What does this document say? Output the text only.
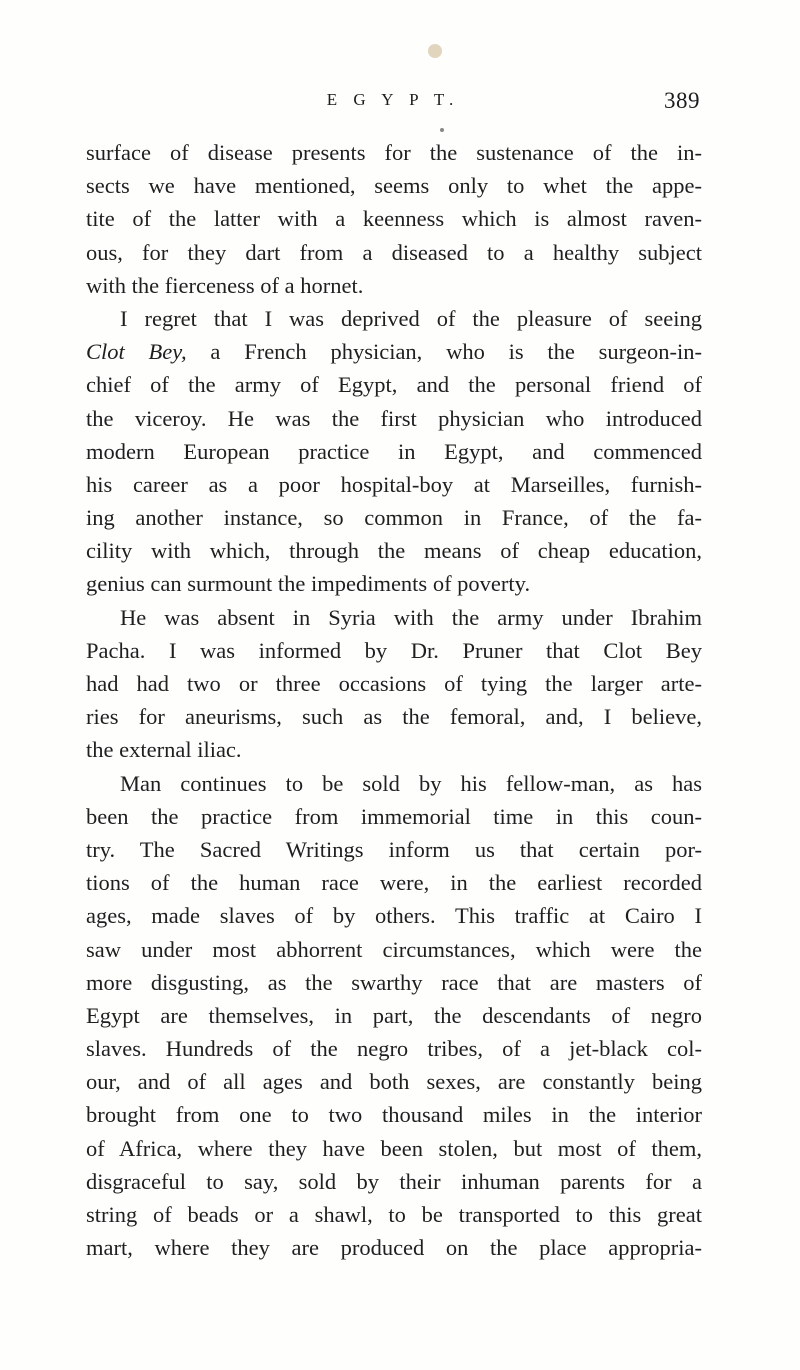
E G Y P T.	389
surface of disease presents for the sustenance of the in-
sects we have mentioned, seems only to whet the appe-
tite of the latter with a keenness which is almost raven-
ous, for they dart from a diseased to a healthy subject
with the fierceness of a hornet.
I regret that I was deprived of the pleasure of seeing
Clot Bey, a French physician, who is the surgeon-in-
chief of the army of Egypt, and the personal friend of
the viceroy. He was the first physician who introduced
modern European practice in Egypt, and commenced
his career as a poor hospital-boy at Marseilles, furnish-
ing another instance, so common in France, of the fa-
cility with which, through the means of cheap education,
genius can surmount the impediments of poverty.
He was absent in Syria with the army under Ibrahim
Pacha. I was informed by Dr. Pruner that Clot Bey
had had two or three occasions of tying the larger arte-
ries for aneurisms, such as the femoral, and, I believe,
the external iliac.
Man continues to be sold by his fellow-man, as has
been the practice from immemorial time in this coun-
try. The Sacred Writings inform us that certain por-
tions of the human race were, in the earliest recorded
ages, made slaves of by others. This traffic at Cairo I
saw under most abhorrent circumstances, which were the
more disgusting, as the swarthy race that are masters of
Egypt are themselves, in part, the descendants of negro
slaves. Hundreds of the negro tribes, of a jet-black col-
our, and of all ages and both sexes, are constantly being
brought from one to two thousand miles in the interior
of Africa, where they have been stolen, but most of them,
disgraceful to say, sold by their inhuman parents for a
string of beads or a shawl, to be transported to this great
mart, where they are produced on the place appropria-
